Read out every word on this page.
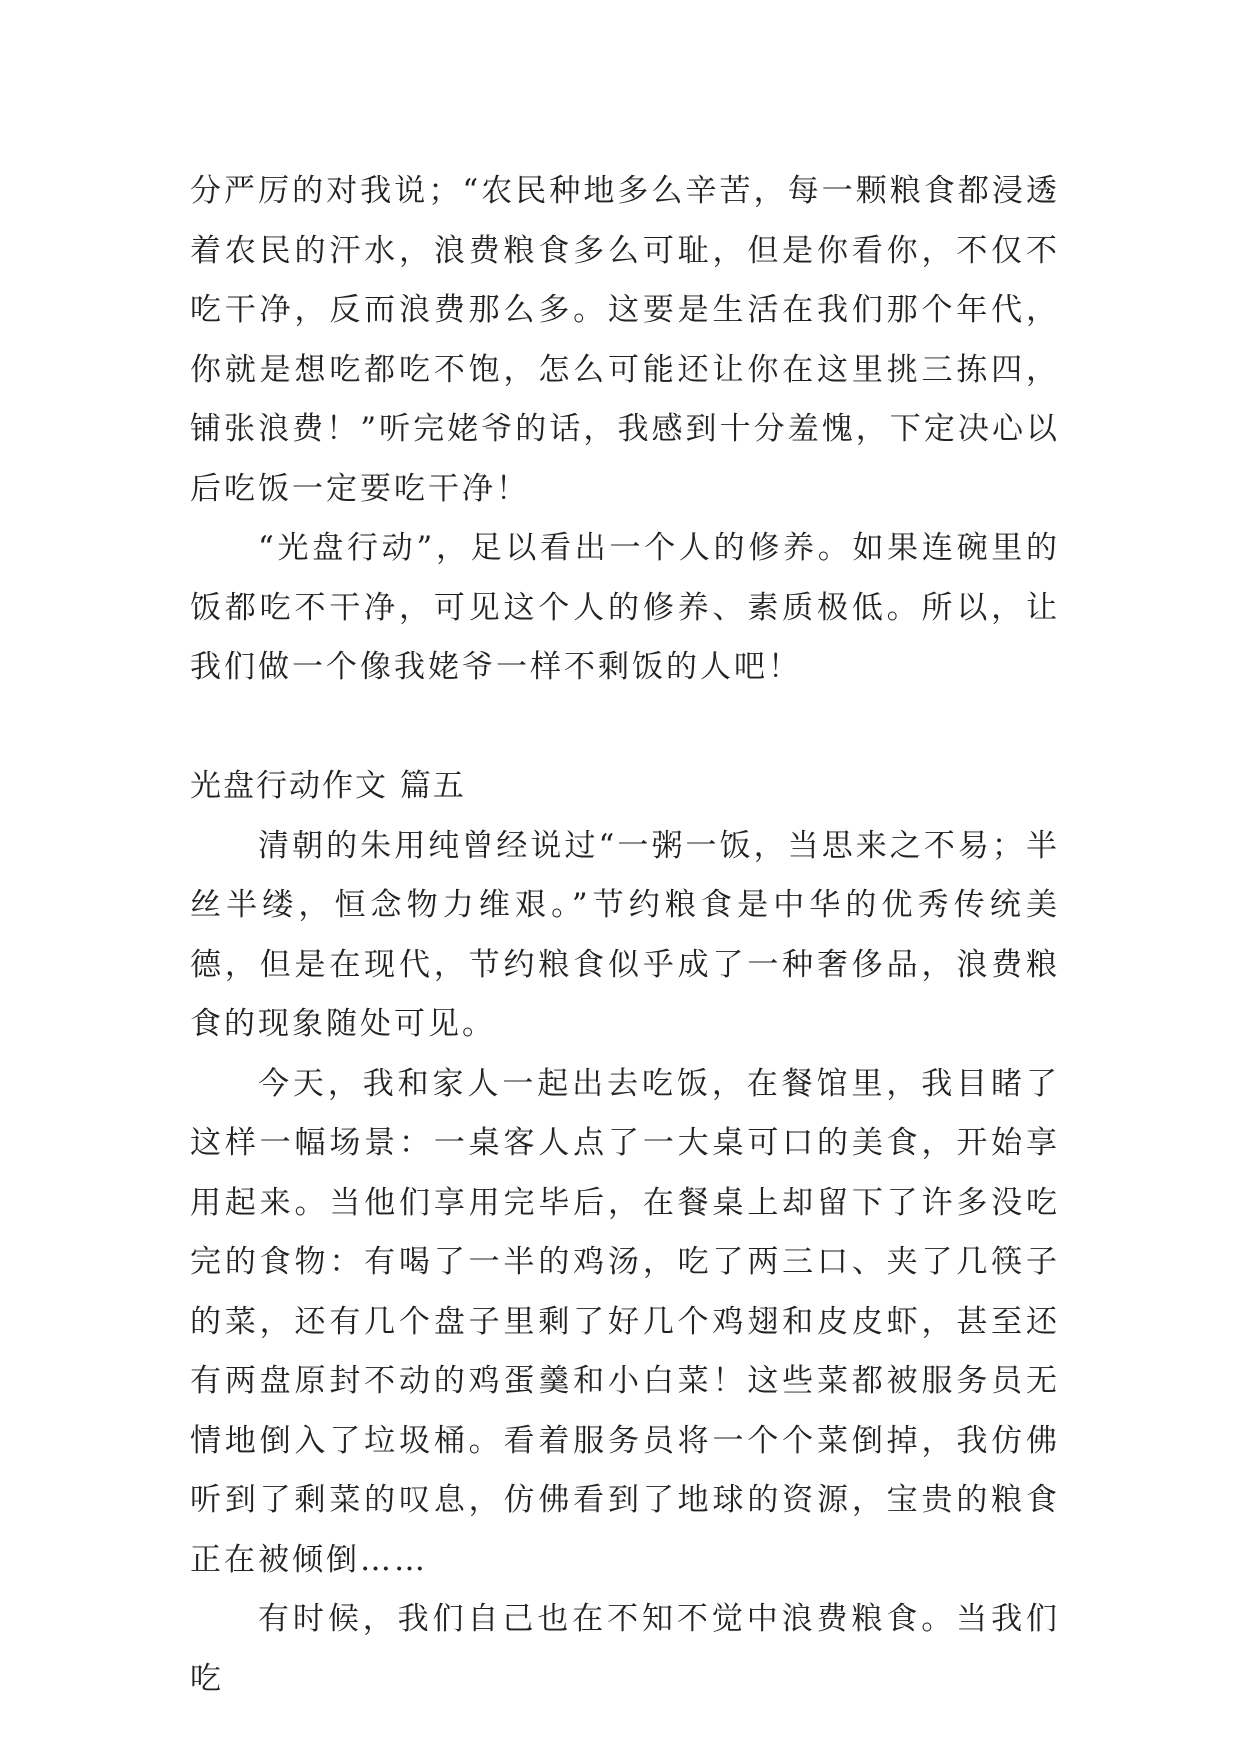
分严厉的对我说；“农民种地多么辛苦，每一颗粮食都浸透着农民的汗水，浪费粮食多么可耻，但是你看你，不仅不吃干净，反而浪费那么多。这要是生活在我们那个年代，你就是想吃都吃不饱，怎么可能还让你在这里挑三拣四，铺张浪费！”听完姥爷的话，我感到十分羞愧，下定决心以后吃饭一定要吃干净！

“光盘行动”，足以看出一个人的修养。如果连碗里的饭都吃不干净，可见这个人的修养、素质极低。所以，让我们做一个像我姥爷一样不剩饭的人吧！

光盘行动作文 篇五

清朝的朱用纯曾经说过“一粥一饭，当思来之不易；半丝半缕，恒念物力维艰。”节约粮食是中华的优秀传统美德，但是在现代，节约粮食似乎成了一种奢侈品，浪费粮食的现象随处可见。

今天，我和家人一起出去吃饭，在餐馆里，我目睹了这样一幅场景：一桌客人点了一大桌可口的美食，开始享用起来。当他们享用完毕后，在餐桌上却留下了许多没吃完的食物：有喝了一半的鸡汤，吃了两三口、夹了几筷子的菜，还有几个盘子里剩了好几个鸡翅和皮皮虾，甚至还有两盘原封不动的鸡蛋羹和小白菜！这些菜都被服务员无情地倒入了垃圾桶。看着服务员将一个个菜倒掉，我仿佛听到了剩菜的叹息，仿佛看到了地球的资源，宝贵的粮食正在被倾倒……

有时候，我们自己也在不知不觉中浪费粮食。当我们吃
